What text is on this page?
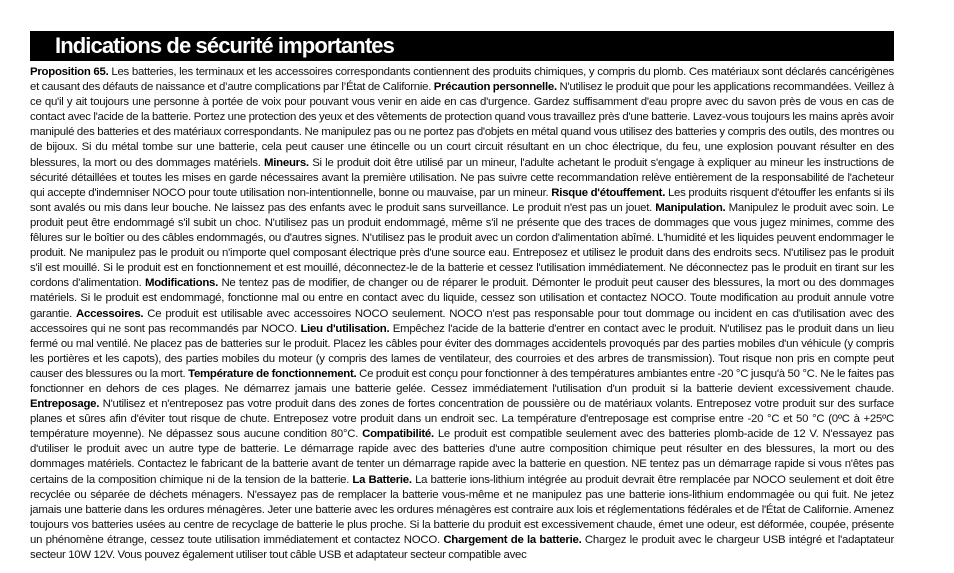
Indications de sécurité importantes

Proposition 65. Les batteries, les terminaux et les accessoires correspondants contiennent des produits chimiques, y compris du plomb. Ces matériaux sont déclarés cancérigènes et causant des défauts de naissance et d’autre complications par l’État de Californie. Précaution personnelle. N'utilisez le produit que pour les applications recommandées. Veillez à ce qu'il y ait toujours une personne à portée de voix pour pouvant vous venir en aide en cas d'urgence. Gardez suffisamment d'eau propre avec du savon près de vous en cas de contact avec l'acide de la batterie. Portez une protection des yeux et des vêtements de protection quand vous travaillez près d'une batterie. Lavez-vous toujours les mains après avoir manipulé des batteries et des matériaux correspondants. Ne manipulez pas ou ne portez pas d'objets en métal quand vous utilisez des batteries y compris des outils, des montres ou de bijoux. Si du métal tombe sur une batterie, cela peut causer une étincelle ou un court circuit résultant en un choc électrique, du feu, une explosion pouvant résulter en des blessures, la mort ou des dommages matériels. Mineurs. Si le produit doit être utilisé par un mineur, l'adulte achetant le produit s'engage à expliquer au mineur les instructions de sécurité détaillées et toutes les mises en garde nécessaires avant la première utilisation. Ne pas suivre cette recommandation relève entièrement de la responsabilité de l'acheteur qui accepte d'indemniser NOCO pour toute utilisation non-intentionnelle, bonne ou mauvaise, par un mineur. Risque d'étouffement. Les produits risquent d'étouffer les enfants si ils sont avalés ou mis dans leur bouche. Ne laissez pas des enfants avec le produit sans surveillance. Le produit n'est pas un jouet. Manipulation. Manipulez le produit avec soin. Le produit peut être endommagé s'il subit un choc. N'utilisez pas un produit endommagé, même s'il ne présente que des traces de dommages que vous jugez minimes, comme des fêlures sur le boîtier ou des câbles endommagés, ou d'autres signes. N'utilisez pas le produit avec un cordon d'alimentation abîmé. L'humidité et les liquides peuvent endommager le produit. Ne manipulez pas le produit ou n'importe quel composant électrique près d'une source eau. Entreposez et utilisez le produit dans des endroits secs. N'utilisez pas le produit s'il est mouillé. Si le produit est en fonctionnement et est mouillé, déconnectez-le de la batterie et cessez l'utilisation immédiatement. Ne déconnectez pas le produit en tirant sur les cordons d'alimentation. Modifications. Ne tentez pas de modifier, de changer ou de réparer le produit. Démonter le produit peut causer des blessures, la mort ou des dommages matériels. Si le produit est endommagé, fonctionne mal ou entre en contact avec du liquide, cessez son utilisation et contactez NOCO. Toute modification au produit annule votre garantie. Accessoires. Ce produit est utilisable avec accessoires NOCO seulement. NOCO n'est pas responsable pour tout dommage ou incident en cas d'utilisation avec des accessoires qui ne sont pas recommandés par NOCO. Lieu d'utilisation. Empêchez l'acide de la batterie d'entrer en contact avec le produit. N'utilisez pas le produit dans un lieu fermé ou mal ventilé. Ne placez pas de batteries sur le produit. Placez les câbles pour éviter des dommages accidentels provoqués par des parties mobiles d'un véhicule (y compris les portières et les capots), des parties mobiles du moteur (y compris des lames de ventilateur, des courroies et des arbres de transmission). Tout risque non pris en compte peut causer des blessures ou la mort. Température de fonctionnement. Ce produit est conçu pour fonctionner à des températures ambiantes entre -20 °C jusqu'à 50 °C. Ne le faites pas fonctionner en dehors de ces plages. Ne démarrez jamais une batterie gelée. Cessez immédiatement l'utilisation d'un produit si la batterie devient excessivement chaude. Entreposage. N'utilisez et n'entreposez pas votre produit dans des zones de fortes concentration de poussière ou de matériaux volants. Entreposez votre produit sur des surface planes et sûres afin d'éviter tout risque de chute. Entreposez votre produit dans un endroit sec. La température d'entreposage est comprise entre -20 °C et 50 °C (0ºC à +25ºC température moyenne). Ne dépassez sous aucune condition 80°C. Compatibilité. Le produit est compatible seulement avec des batteries plomb-acide de 12 V. N'essayez pas d'utiliser le produit avec un autre type de batterie. Le démarrage rapide avec des batteries d'une autre composition chimique peut résulter en des blessures, la mort ou des dommages matériels. Contactez le fabricant de la batterie avant de tenter un démarrage rapide avec la batterie en question. NE tentez pas un démarrage rapide si vous n'êtes pas certains de la composition chimique ni de la tension de la batterie. La Batterie. La batterie ions-lithium intégrée au produit devrait être remplacée par NOCO seulement et doit être recyclée ou séparée de déchets ménagers. N'essayez pas de remplacer la batterie vous-même et ne manipulez pas une batterie ions-lithium endommagée ou qui fuit. Ne jetez jamais une batterie dans les ordures ménagères. Jeter une batterie avec les ordures ménagères est contraire aux lois et réglementations fédérales et de l'État de Californie. Amenez toujours vos batteries usées au centre de recyclage de batterie le plus proche. Si la batterie du produit est excessivement chaude, émet une odeur, est déformée, coupée, présente un phénomène étrange, cessez toute utilisation immédiatement et contactez NOCO. Chargement de la batterie. Chargez le produit avec le chargeur USB intégré et l'adaptateur secteur 10W 12V. Vous pouvez également utiliser tout câble USB et adaptateur secteur compatible avec
